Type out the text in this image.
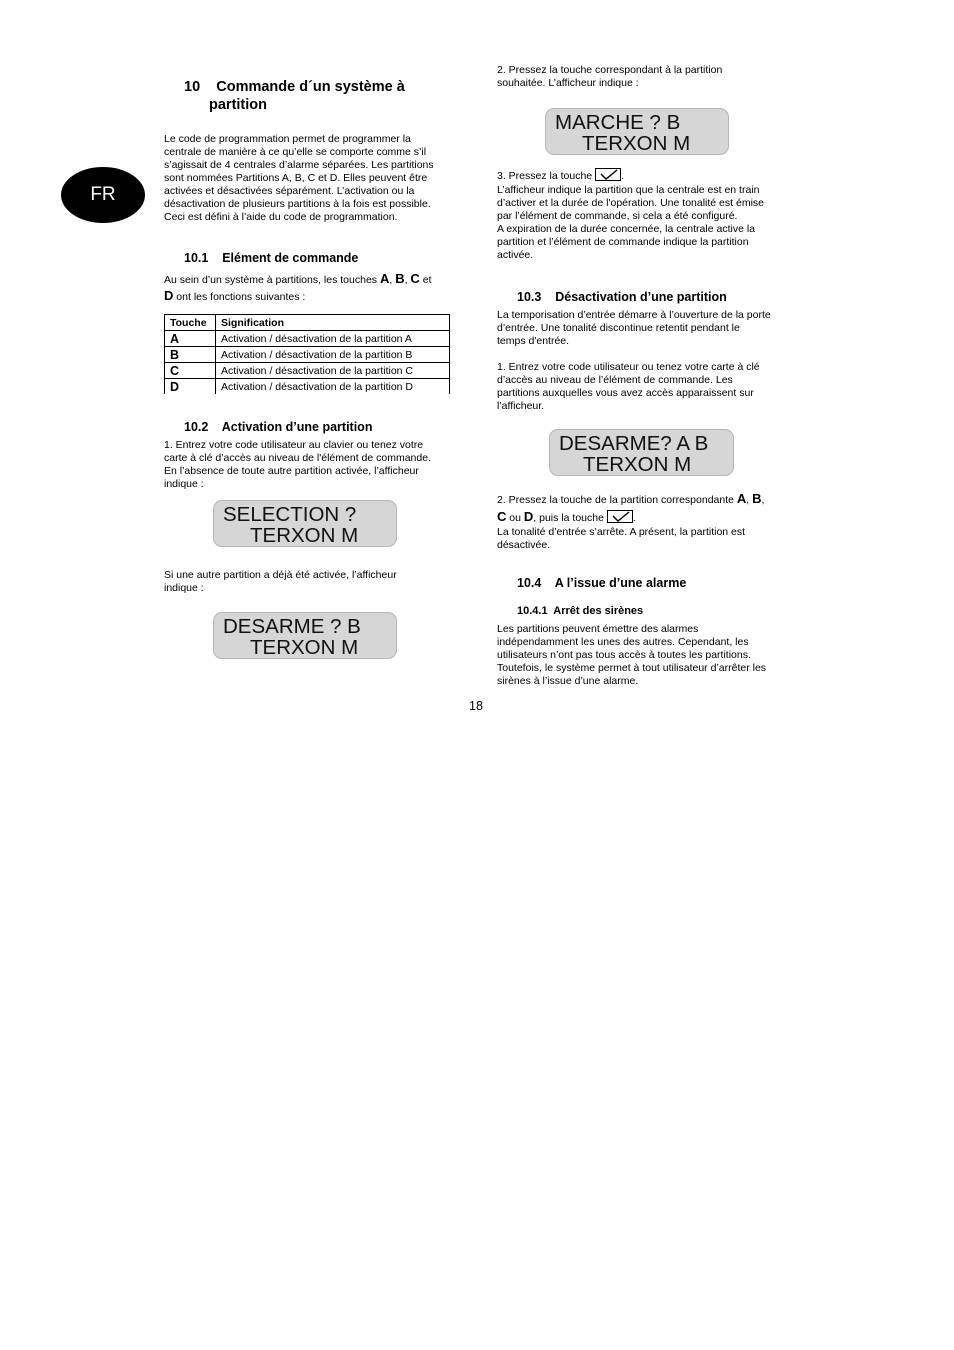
FR
10    Commande d´un système à
partition
Le code de programmation permet de programmer la
centrale de manière à ce qu’elle se comporte comme s’il
s’agissait de 4 centrales d’alarme séparées. Les partitions
sont nommées Partitions A, B, C et D. Elles peuvent être
activées et désactivées séparément. L’activation ou la
désactivation de plusieurs partitions à la fois est possible.
Ceci est défini à l’aide du code de programmation.
10.1    Elément de commande
Au sein d’un système à partitions, les touches A, B, C et
D ont les fonctions suivantes :
Touche	Signification
A	Activation / désactivation de la partition A
B	Activation / désactivation de la partition B
C	Activation / désactivation de la partition C
D	Activation / désactivation de la partition D
10.2    Activation d’une partition
1. Entrez votre code utilisateur au clavier ou tenez votre
carte à clé d’accès au niveau de l'élément de commande.
En l’absence de toute autre partition activée, l’afficheur
indique :
SELECTION ?
TERXON M
Si une autre partition a déjà été activée, l’afficheur
indique :
DESARME ? B
TERXON M
2. Pressez la touche correspondant à la partition
souhaitée. L’afficheur indique :
MARCHE ? B
TERXON M
3. Pressez la touche
.
L’afficheur indique la partition que la centrale est en train
d’activer et la durée de l'opération. Une tonalité est émise
par l’élément de commande, si cela a été configuré.
A expiration de la durée concernée, la centrale active la
partition et l’élément de commande indique la partition
activée.
10.3    Désactivation d’une partition
La temporisation d’entrée démarre à l’ouverture de la porte
d’entrée. Une tonalité discontinue retentit pendant le
temps d'entrée.
1. Entrez votre code utilisateur ou tenez votre carte à clé
d’accès au niveau de l’élément de commande. Les
partitions auxquelles vous avez accès apparaissent sur
l’afficheur.
DESARME? A B
TERXON M
2. Pressez la touche de la partition correspondante A, B,
C ou D, puis la touche
.
La tonalité d’entrée s’arrête. A présent, la partition est
désactivée.
10.4    A l’issue d’une alarme
10.4.1  Arrêt des sirènes
Les partitions peuvent émettre des alarmes
indépendamment les unes des autres. Cependant, les
utilisateurs n’ont pas tous accès à toutes les partitions.
Toutefois, le système permet à tout utilisateur d’arrêter les
sirènes à l’issue d’une alarme.
18
